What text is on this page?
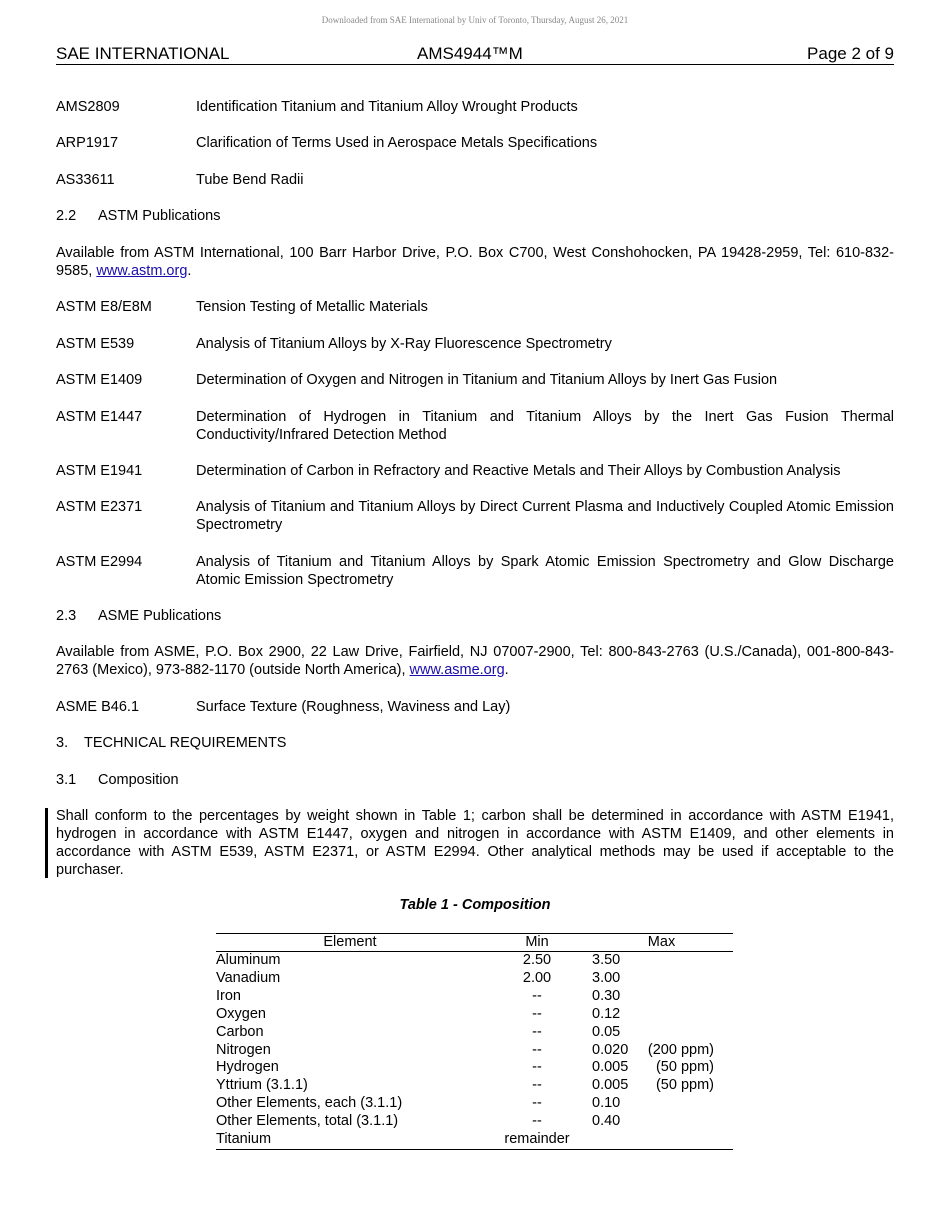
Downloaded from SAE International by Univ of Toronto, Thursday, August 26, 2021
SAE INTERNATIONAL	AMS4944™M	Page 2 of 9
AMS2809	Identification Titanium and Titanium Alloy Wrought Products
ARP1917	Clarification of Terms Used in Aerospace Metals Specifications
AS33611	Tube Bend Radii
2.2 ASTM Publications
Available from ASTM International, 100 Barr Harbor Drive, P.O. Box C700, West Conshohocken, PA 19428-2959, Tel: 610-832-9585, www.astm.org.
ASTM E8/E8M	Tension Testing of Metallic Materials
ASTM E539	Analysis of Titanium Alloys by X-Ray Fluorescence Spectrometry
ASTM E1409	Determination of Oxygen and Nitrogen in Titanium and Titanium Alloys by Inert Gas Fusion
ASTM E1447	Determination of Hydrogen in Titanium and Titanium Alloys by the Inert Gas Fusion Thermal Conductivity/Infrared Detection Method
ASTM E1941	Determination of Carbon in Refractory and Reactive Metals and Their Alloys by Combustion Analysis
ASTM E2371	Analysis of Titanium and Titanium Alloys by Direct Current Plasma and Inductively Coupled Atomic Emission Spectrometry
ASTM E2994	Analysis of Titanium and Titanium Alloys by Spark Atomic Emission Spectrometry and Glow Discharge Atomic Emission Spectrometry
2.3 ASME Publications
Available from ASME, P.O. Box 2900, 22 Law Drive, Fairfield, NJ 07007-2900, Tel: 800-843-2763 (U.S./Canada), 001-800-843-2763 (Mexico), 973-882-1170 (outside North America), www.asme.org.
ASME B46.1	Surface Texture (Roughness, Waviness and Lay)
3. TECHNICAL REQUIREMENTS
3.1 Composition
Shall conform to the percentages by weight shown in Table 1; carbon shall be determined in accordance with ASTM E1941, hydrogen in accordance with ASTM E1447, oxygen and nitrogen in accordance with ASTM E1409, and other elements in accordance with ASTM E539, ASTM E2371, or ASTM E2994. Other analytical methods may be used if acceptable to the purchaser.
Table 1 - Composition
Element	Min	Max
Aluminum	2.50	3.50
Vanadium	2.00	3.00
Iron	--	0.30
Oxygen	--	0.12
Carbon	--	0.05
Nitrogen	--	0.020 (200 ppm)
Hydrogen	--	0.005 (50 ppm)
Yttrium (3.1.1)	--	0.005 (50 ppm)
Other Elements, each (3.1.1)	--	0.10
Other Elements, total (3.1.1)	--	0.40
Titanium	remainder	
